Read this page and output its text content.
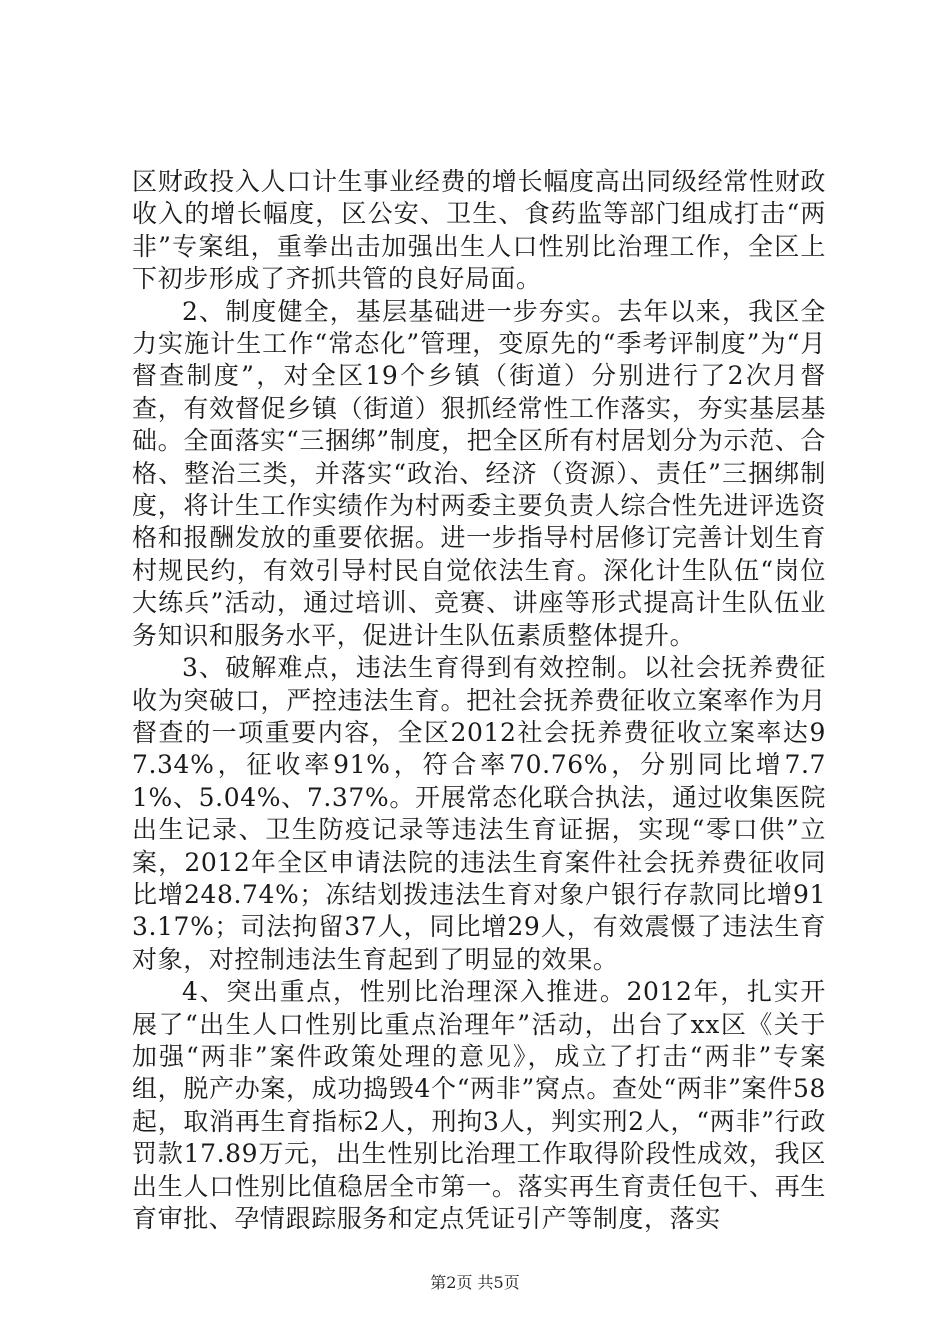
区财政投入人口计生事业经费的增长幅度高出同级经常性财政收入的增长幅度，区公安、卫生、食药监等部门组成打击“两非”专案组，重拳出击加强出生人口性别比治理工作，全区上下初步形成了齐抓共管的良好局面。

2、制度健全，基层基础进一步夯实。去年以来，我区全力实施计生工作“常态化”管理，变原先的“季考评制度”为“月督查制度”，对全区19个乡镇（街道）分别进行了2次月督查，有效督促乡镇（街道）狠抓经常性工作落实，夯实基层基础。全面落实“三捆绑”制度，把全区所有村居划分为示范、合格、整治三类，并落实“政治、经济（资源）、责任”三捆绑制度，将计生工作实绩作为村两委主要负责人综合性先进评选资格和报酬发放的重要依据。进一步指导村居修订完善计划生育村规民约，有效引导村民自觉依法生育。深化计生队伍“岗位大练兵”活动，通过培训、竞赛、讲座等形式提高计生队伍业务知识和服务水平，促进计生队伍素质整体提升。

3、破解难点，违法生育得到有效控制。以社会抚养费征收为突破口，严控违法生育。把社会抚养费征收立案率作为月督查的一项重要内容，全区2012社会抚养费征收立案率达97.34%，征收率91%，符合率70.76%，分别同比增7.71%、5.04%、7.37%。开展常态化联合执法，通过收集医院出生记录、卫生防疫记录等违法生育证据，实现“零口供”立案，2012年全区申请法院的违法生育案件社会抚养费征收同比增248.74%；冻结划拨违法生育对象户银行存款同比增913.17%；司法拘留37人，同比增29人，有效震慑了违法生育对象，对控制违法生育起到了明显的效果。

4、突出重点，性别比治理深入推进。2012年，扎实开展了“出生人口性别比重点治理年”活动，出台了xx区《关于加强“两非”案件政策处理的意见》，成立了打击“两非”专案组，脱产办案，成功捣毁4个“两非”窝点。查处“两非”案件58起，取消再生育指标2人，刑拘3人，判实刑2人，“两非”行政罚款17.89万元，出生性别比治理工作取得阶段性成效，我区出生人口性别比值稳居全市第一。落实再生育责任包干、再生育审批、孕情跟踪服务和定点凭证引产等制度，落实

第2页 共5页
